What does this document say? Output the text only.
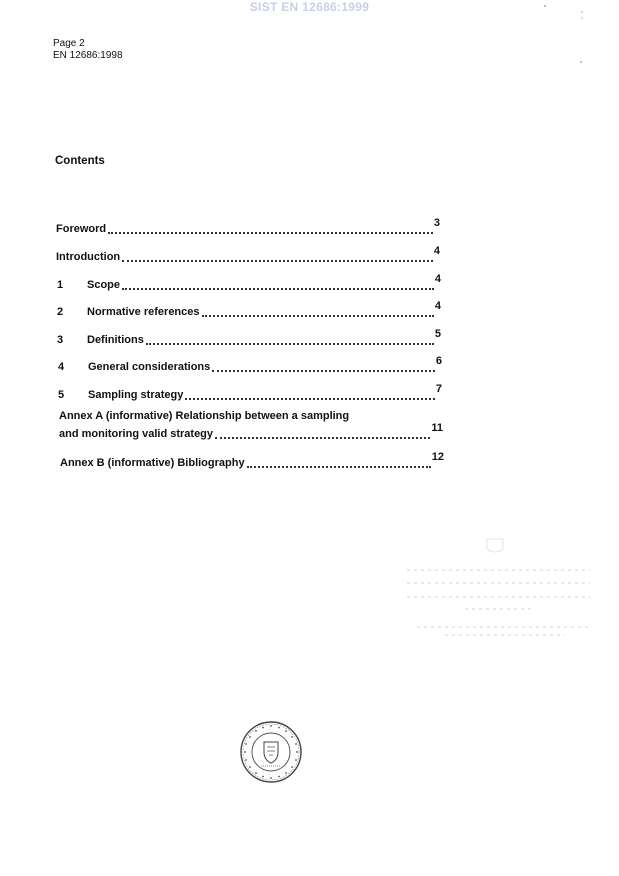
SIST EN 12686:1999
Page 2
EN 12686:1998
Contents
Foreword	3
Introduction	4
1	Scope	4
2	Normative references	4
3	Definitions	5
4	General considerations	6
5	Sampling strategy	7
Annex A (informative) Relationship between a sampling
and monitoring valid strategy	11
Annex B (informative) Bibliography	12
